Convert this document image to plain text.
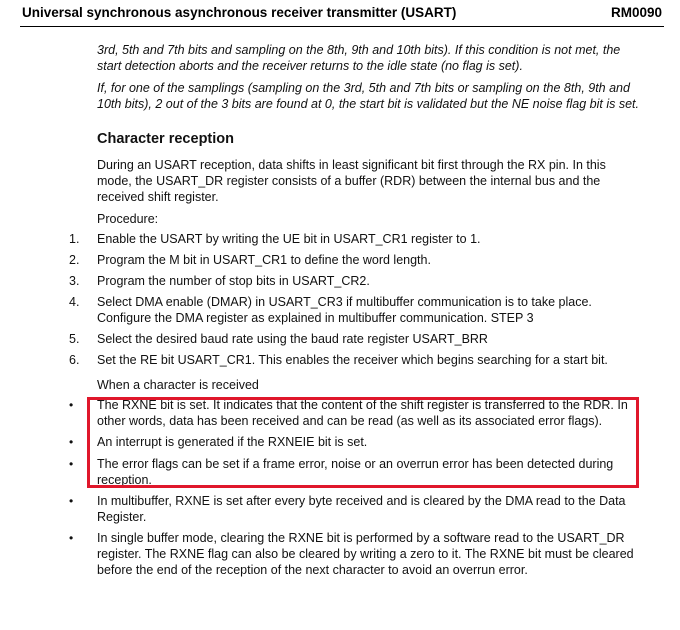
Universal synchronous asynchronous receiver transmitter (USART)	RM0090

3rd, 5th and 7th bits and sampling on the 8th, 9th and 10th bits). If this condition is not met, the start detection aborts and the receiver returns to the idle state (no flag is set).

If, for one of the samplings (sampling on the 3rd, 5th and 7th bits or sampling on the 8th, 9th and 10th bits), 2 out of the 3 bits are found at 0, the start bit is validated but the NE noise flag bit is set.

Character reception

During an USART reception, data shifts in least significant bit first through the RX pin. In this mode, the USART_DR register consists of a buffer (RDR) between the internal bus and the received shift register.

Procedure:

1.	Enable the USART by writing the UE bit in USART_CR1 register to 1.
2.	Program the M bit in USART_CR1 to define the word length.
3.	Program the number of stop bits in USART_CR2.
4.	Select DMA enable (DMAR) in USART_CR3 if multibuffer communication is to take place. Configure the DMA register as explained in multibuffer communication. STEP 3
5.	Select the desired baud rate using the baud rate register USART_BRR
6.	Set the RE bit USART_CR1. This enables the receiver which begins searching for a start bit.

When a character is received

•	The RXNE bit is set. It indicates that the content of the shift register is transferred to the RDR. In other words, data has been received and can be read (as well as its associated error flags).
•	An interrupt is generated if the RXNEIE bit is set.
•	The error flags can be set if a frame error, noise or an overrun error has been detected during reception.
•	In multibuffer, RXNE is set after every byte received and is cleared by the DMA read to the Data Register.
•	In single buffer mode, clearing the RXNE bit is performed by a software read to the USART_DR register. The RXNE flag can also be cleared by writing a zero to it. The RXNE bit must be cleared before the end of the reception of the next character to avoid an overrun error.
